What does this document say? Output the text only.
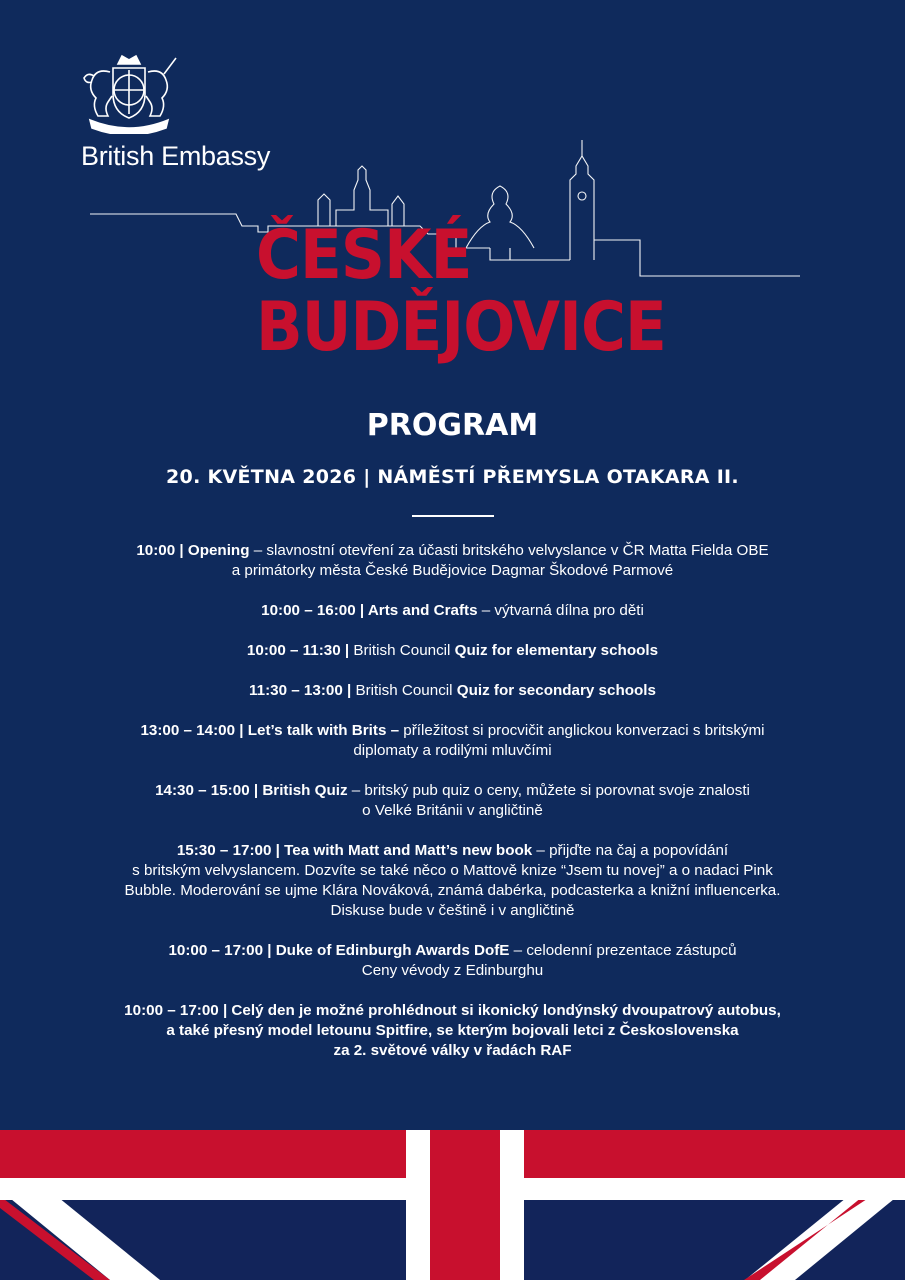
British Embassy
ČESKÉ
BUDĚJOVICE
PROGRAM
20. KVĚTNA 2026 | NÁMĚSTÍ PŘEMYSLA OTAKARA II.
10:00 | Opening – slavnostní otevření za účasti britského velvyslance v ČR Matta Fielda OBE
a primátorky města České Budějovice Dagmar Škodové Parmové
10:00 – 16:00 | Arts and Crafts – výtvarná dílna pro děti
10:00 – 11:30 | British Council Quiz for elementary schools
11:30 – 13:00 | British Council Quiz for secondary schools
13:00 – 14:00 | Let’s talk with Brits – příležitost si procvičit anglickou konverzaci s britskými
diplomaty a rodilými mluvčími
14:30 – 15:00 | British Quiz – britský pub quiz o ceny, můžete si porovnat svoje znalosti
o Velké Británii v angličtině
15:30 – 17:00 | Tea with Matt and Matt’s new book – přijďte na čaj a popovídání
s britským velvyslancem. Dozvíte se také něco o Mattově knize “Jsem tu novej” a o nadaci Pink
Bubble. Moderování se ujme Klára Nováková, známá dabérka, podcasterka a knižní influencerka.
Diskuse bude v češtině i v angličtině
10:00 – 17:00 | Duke of Edinburgh Awards DofE – celodenní prezentace zástupců
Ceny vévody z Edinburghu
10:00 – 17:00 | Celý den je možné prohlédnout si ikonický londýnský dvoupatrový autobus,
a také přesný model letounu Spitfire, se kterým bojovali letci z Československa
za 2. světové války v řadách RAF
